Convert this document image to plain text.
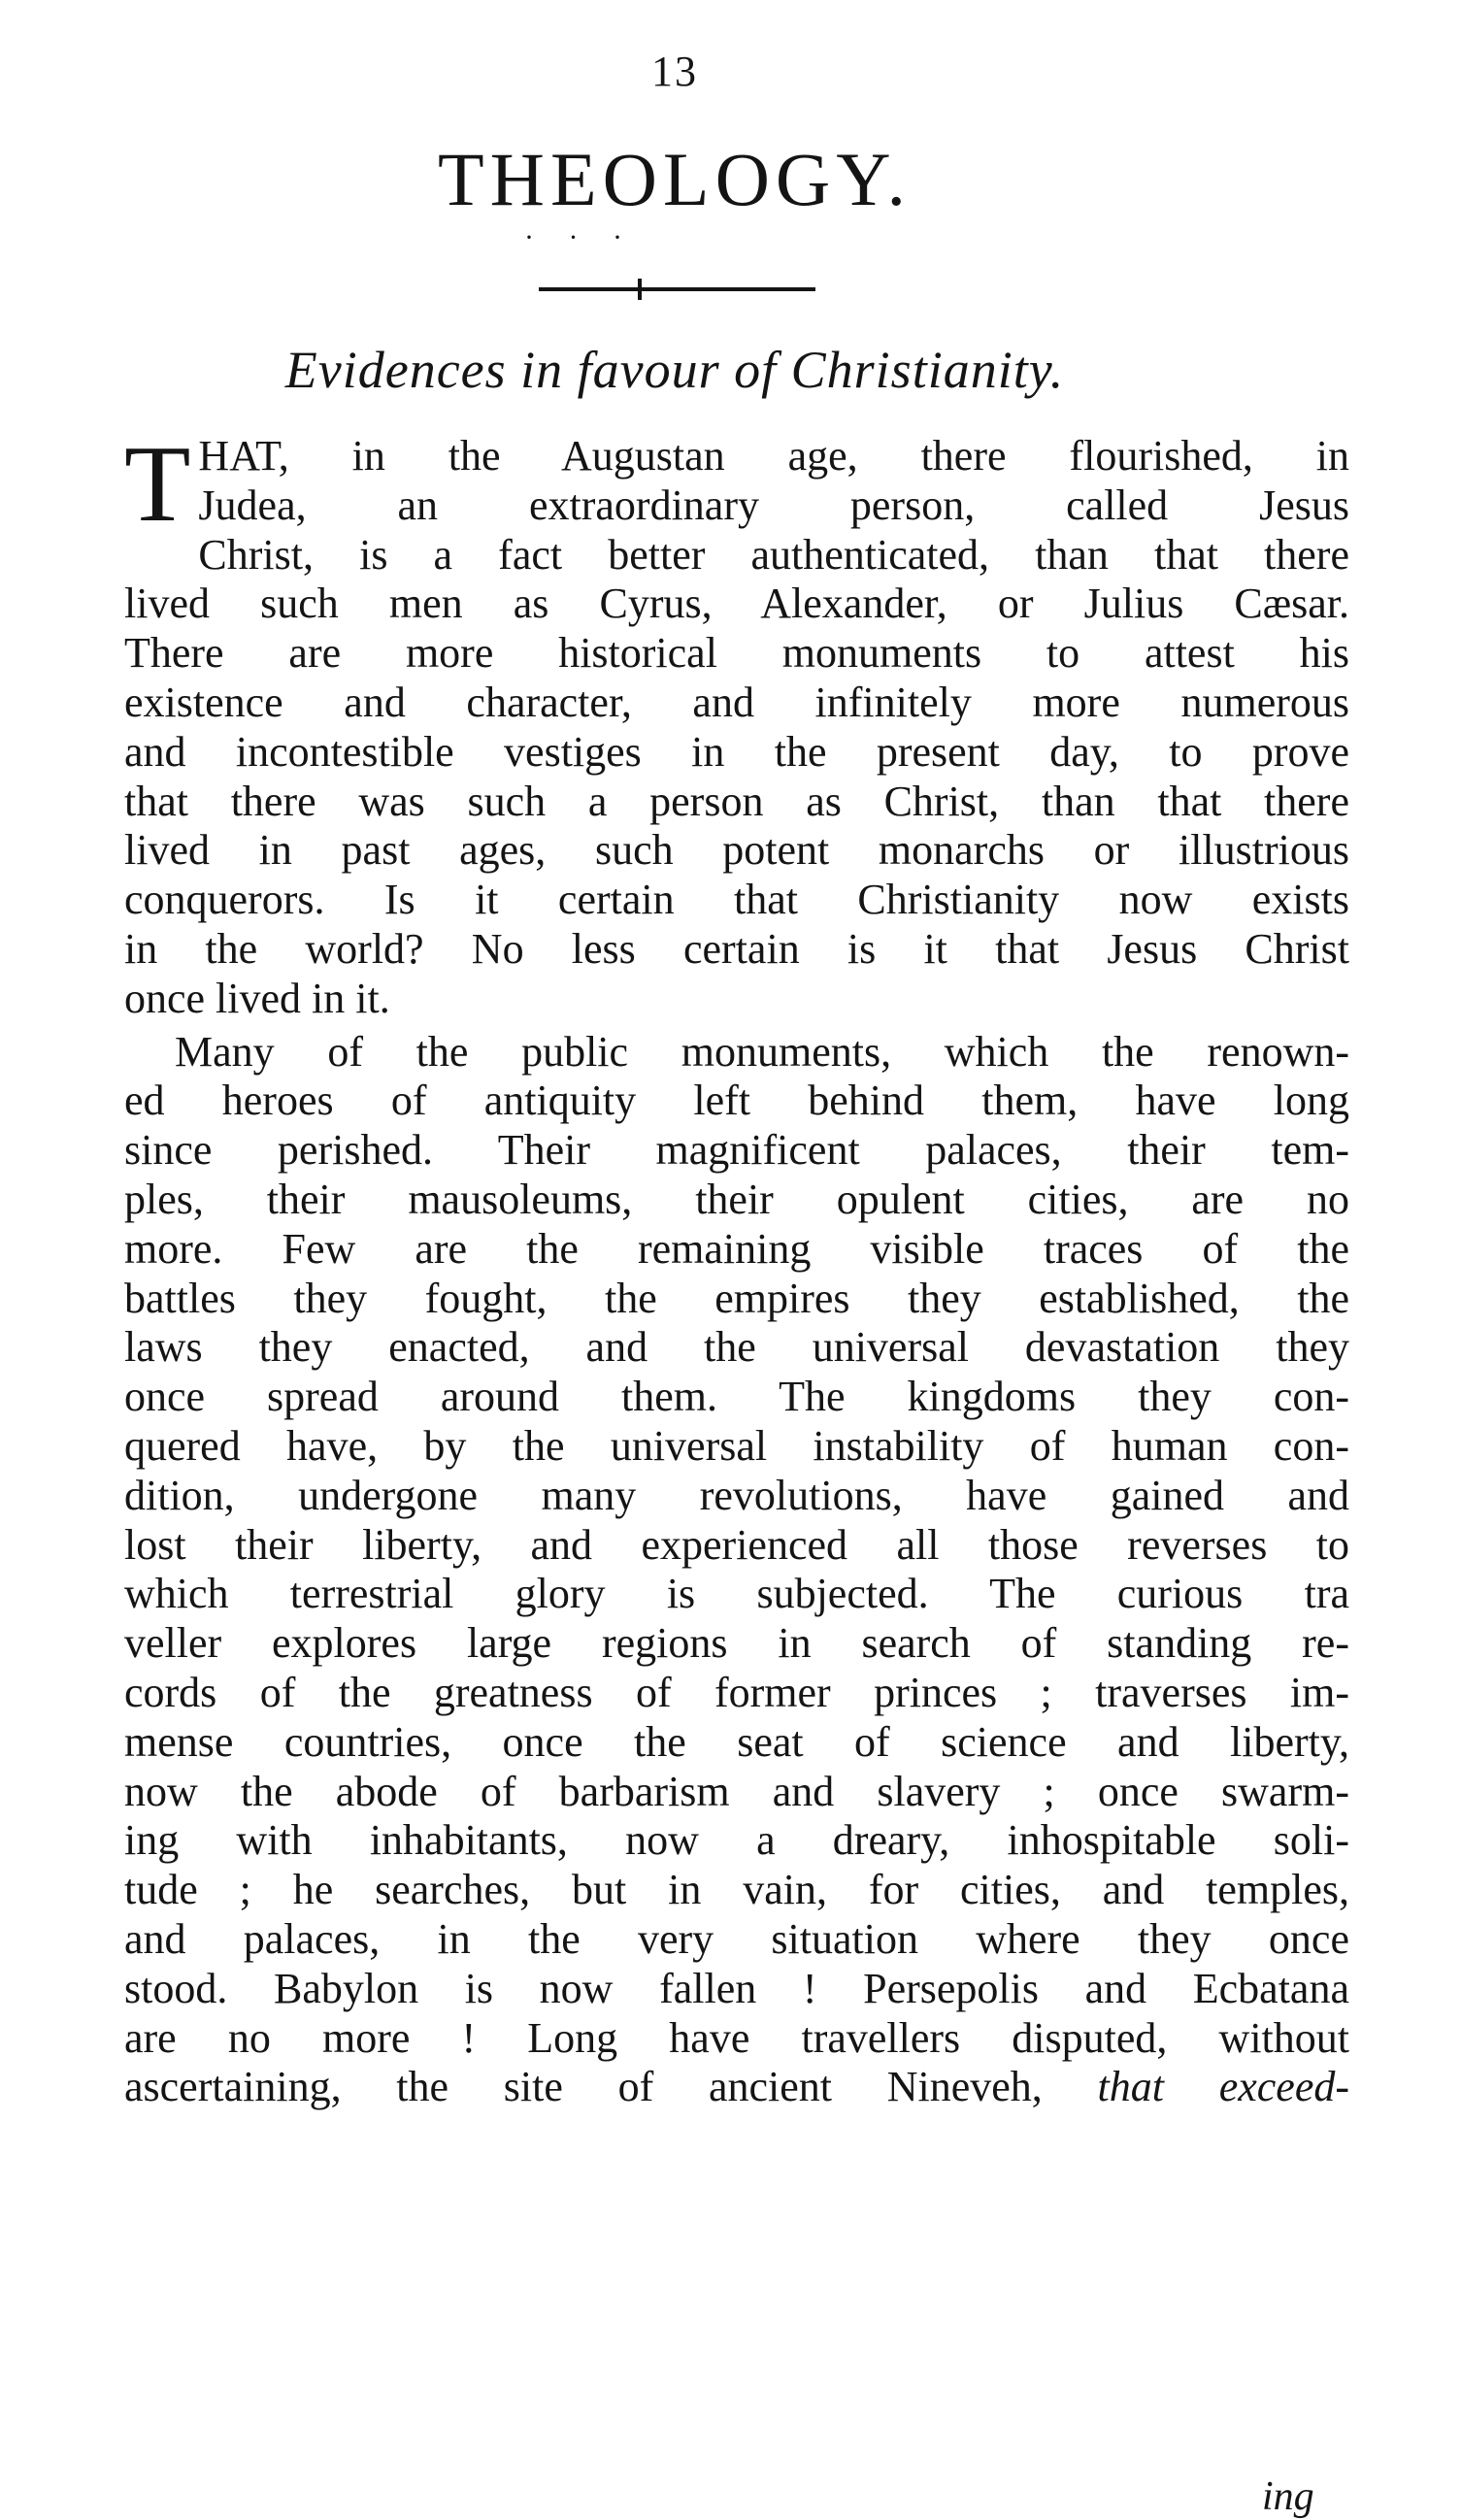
13
THEOLOGY.
· · ·
Evidences in favour of Christianity.
THAT, in the Augustan age, there flourished, in
Judea, an extraordinary person, called Jesus
Christ, is a fact better authenticated, than that there
lived such men as Cyrus, Alexander, or Julius Cæsar.
There are more historical monuments to attest his
existence and character, and infinitely more numerous
and incontestible vestiges in the present day, to prove
that there was such a person as Christ, than that there
lived in past ages, such potent monarchs or illustrious
conquerors. Is it certain that Christianity now exists
in the world? No less certain is it that Jesus Christ
once lived in it.
Many of the public monuments, which the renown-
ed heroes of antiquity left behind them, have long
since perished. Their magnificent palaces, their tem-
ples, their mausoleums, their opulent cities, are no
more. Few are the remaining visible traces of the
battles they fought, the empires they established, the
laws they enacted, and the universal devastation they
once spread around them. The kingdoms they con-
quered have, by the universal instability of human con-
dition, undergone many revolutions, have gained and
lost their liberty, and experienced all those reverses to
which terrestrial glory is subjected. The curious tra
veller explores large regions in search of standing re-
cords of the greatness of former princes ; traverses im-
mense countries, once the seat of science and liberty,
now the abode of barbarism and slavery ; once swarm-
ing with inhabitants, now a dreary, inhospitable soli-
tude ; he searches, but in vain, for cities, and temples,
and palaces, in the very situation where they once
stood. Babylon is now fallen ! Persepolis and Ecbatana
are no more ! Long have travellers disputed, without
ascertaining, the site of ancient Nineveh, that exceed-
ing
